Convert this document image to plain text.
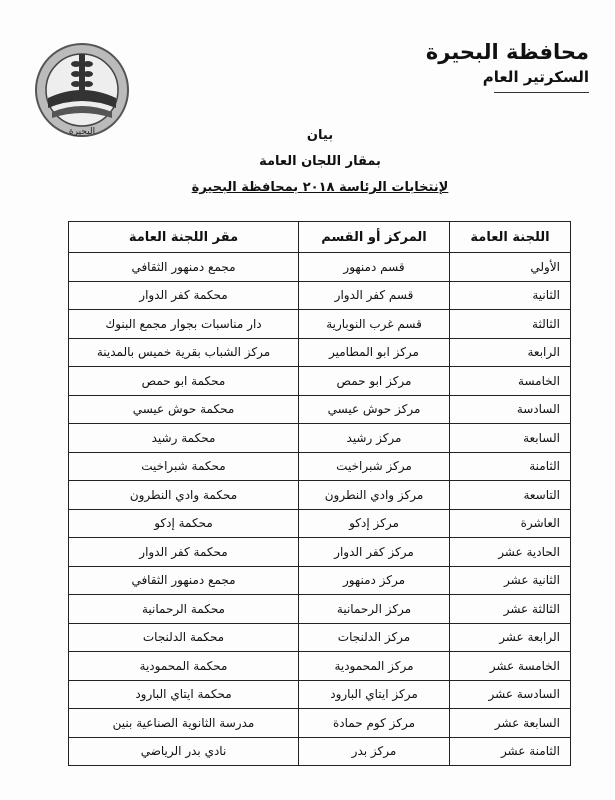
البحيرة
محافظة البحيرة
السكرتير العام
بيان
بمقار اللجان العامة
لإنتخابات الرئاسة ٢٠١٨ بمحافظة البحيرة
اللجنة العامة	المركز أو القسم	مقر اللجنة العامة
الأولي	قسم دمنهور	مجمع دمنهور الثقافي
الثانية	قسم كفر الدوار	محكمة كفر الدوار
الثالثة	قسم غرب النوبارية	دار مناسبات بجوار مجمع البنوك
الرابعة	مركز ابو المطامير	مركز الشباب بقرية خميس بالمدينة
الخامسة	مركز ابو حمص	محكمة ابو حمص
السادسة	مركز حوش عيسي	محكمة حوش عيسي
السابعة	مركز رشيد	محكمة رشيد
الثامنة	مركز شبراخيت	محكمة شبراخيت
التاسعة	مركز وادي النطرون	محكمة وادي النطرون
العاشرة	مركز إدكو	محكمة إدكو
الحادية عشر	مركز كفر الدوار	محكمة كفر الدوار
الثانية عشر	مركز دمنهور	مجمع دمنهور الثقافي
الثالثة عشر	مركز الرحمانية	محكمة الرحمانية
الرابعة عشر	مركز الدلنجات	محكمة الدلنجات
الخامسة عشر	مركز المحمودية	محكمة المحمودية
السادسة عشر	مركز ايتاي البارود	محكمة ايتاي البارود
السابعة عشر	مركز كوم حمادة	مدرسة الثانوية الصناعية بنين
الثامنة عشر	مركز بدر	نادي بدر الرياضي
